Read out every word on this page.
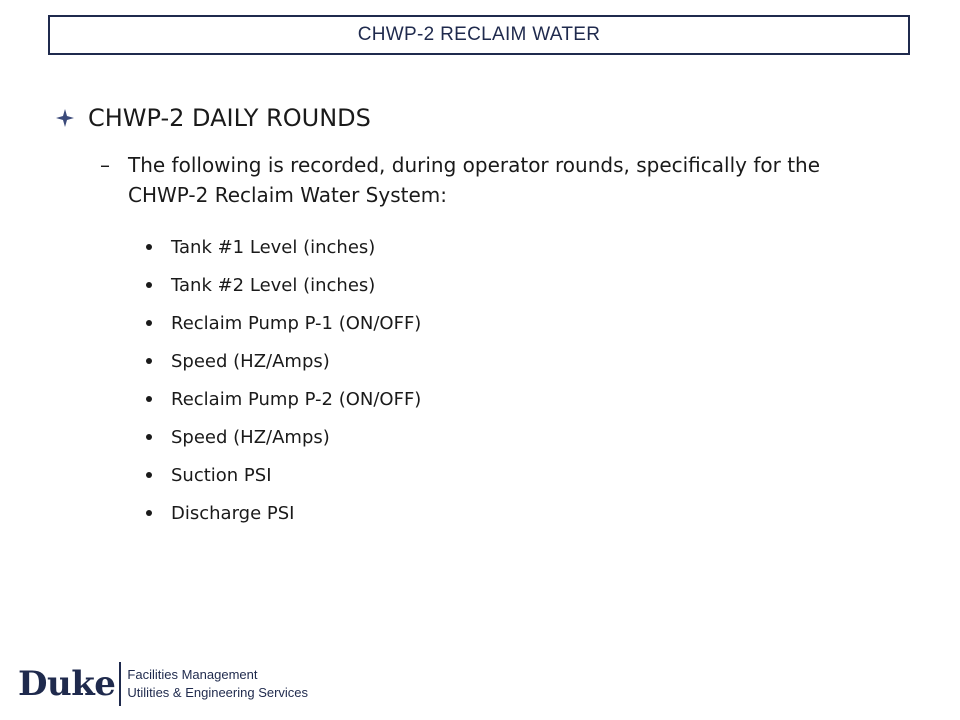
CHWP-2 RECLAIM WATER
CHWP-2 DAILY ROUNDS
– The following is recorded, during operator rounds, specifically for the CHWP-2 Reclaim Water System:
Tank #1 Level (inches)
Tank #2 Level (inches)
Reclaim Pump P-1 (ON/OFF)
Speed (HZ/Amps)
Reclaim Pump P-2 (ON/OFF)
Speed (HZ/Amps)
Suction PSI
Discharge PSI
Duke Facilities Management
Utilities & Engineering Services
